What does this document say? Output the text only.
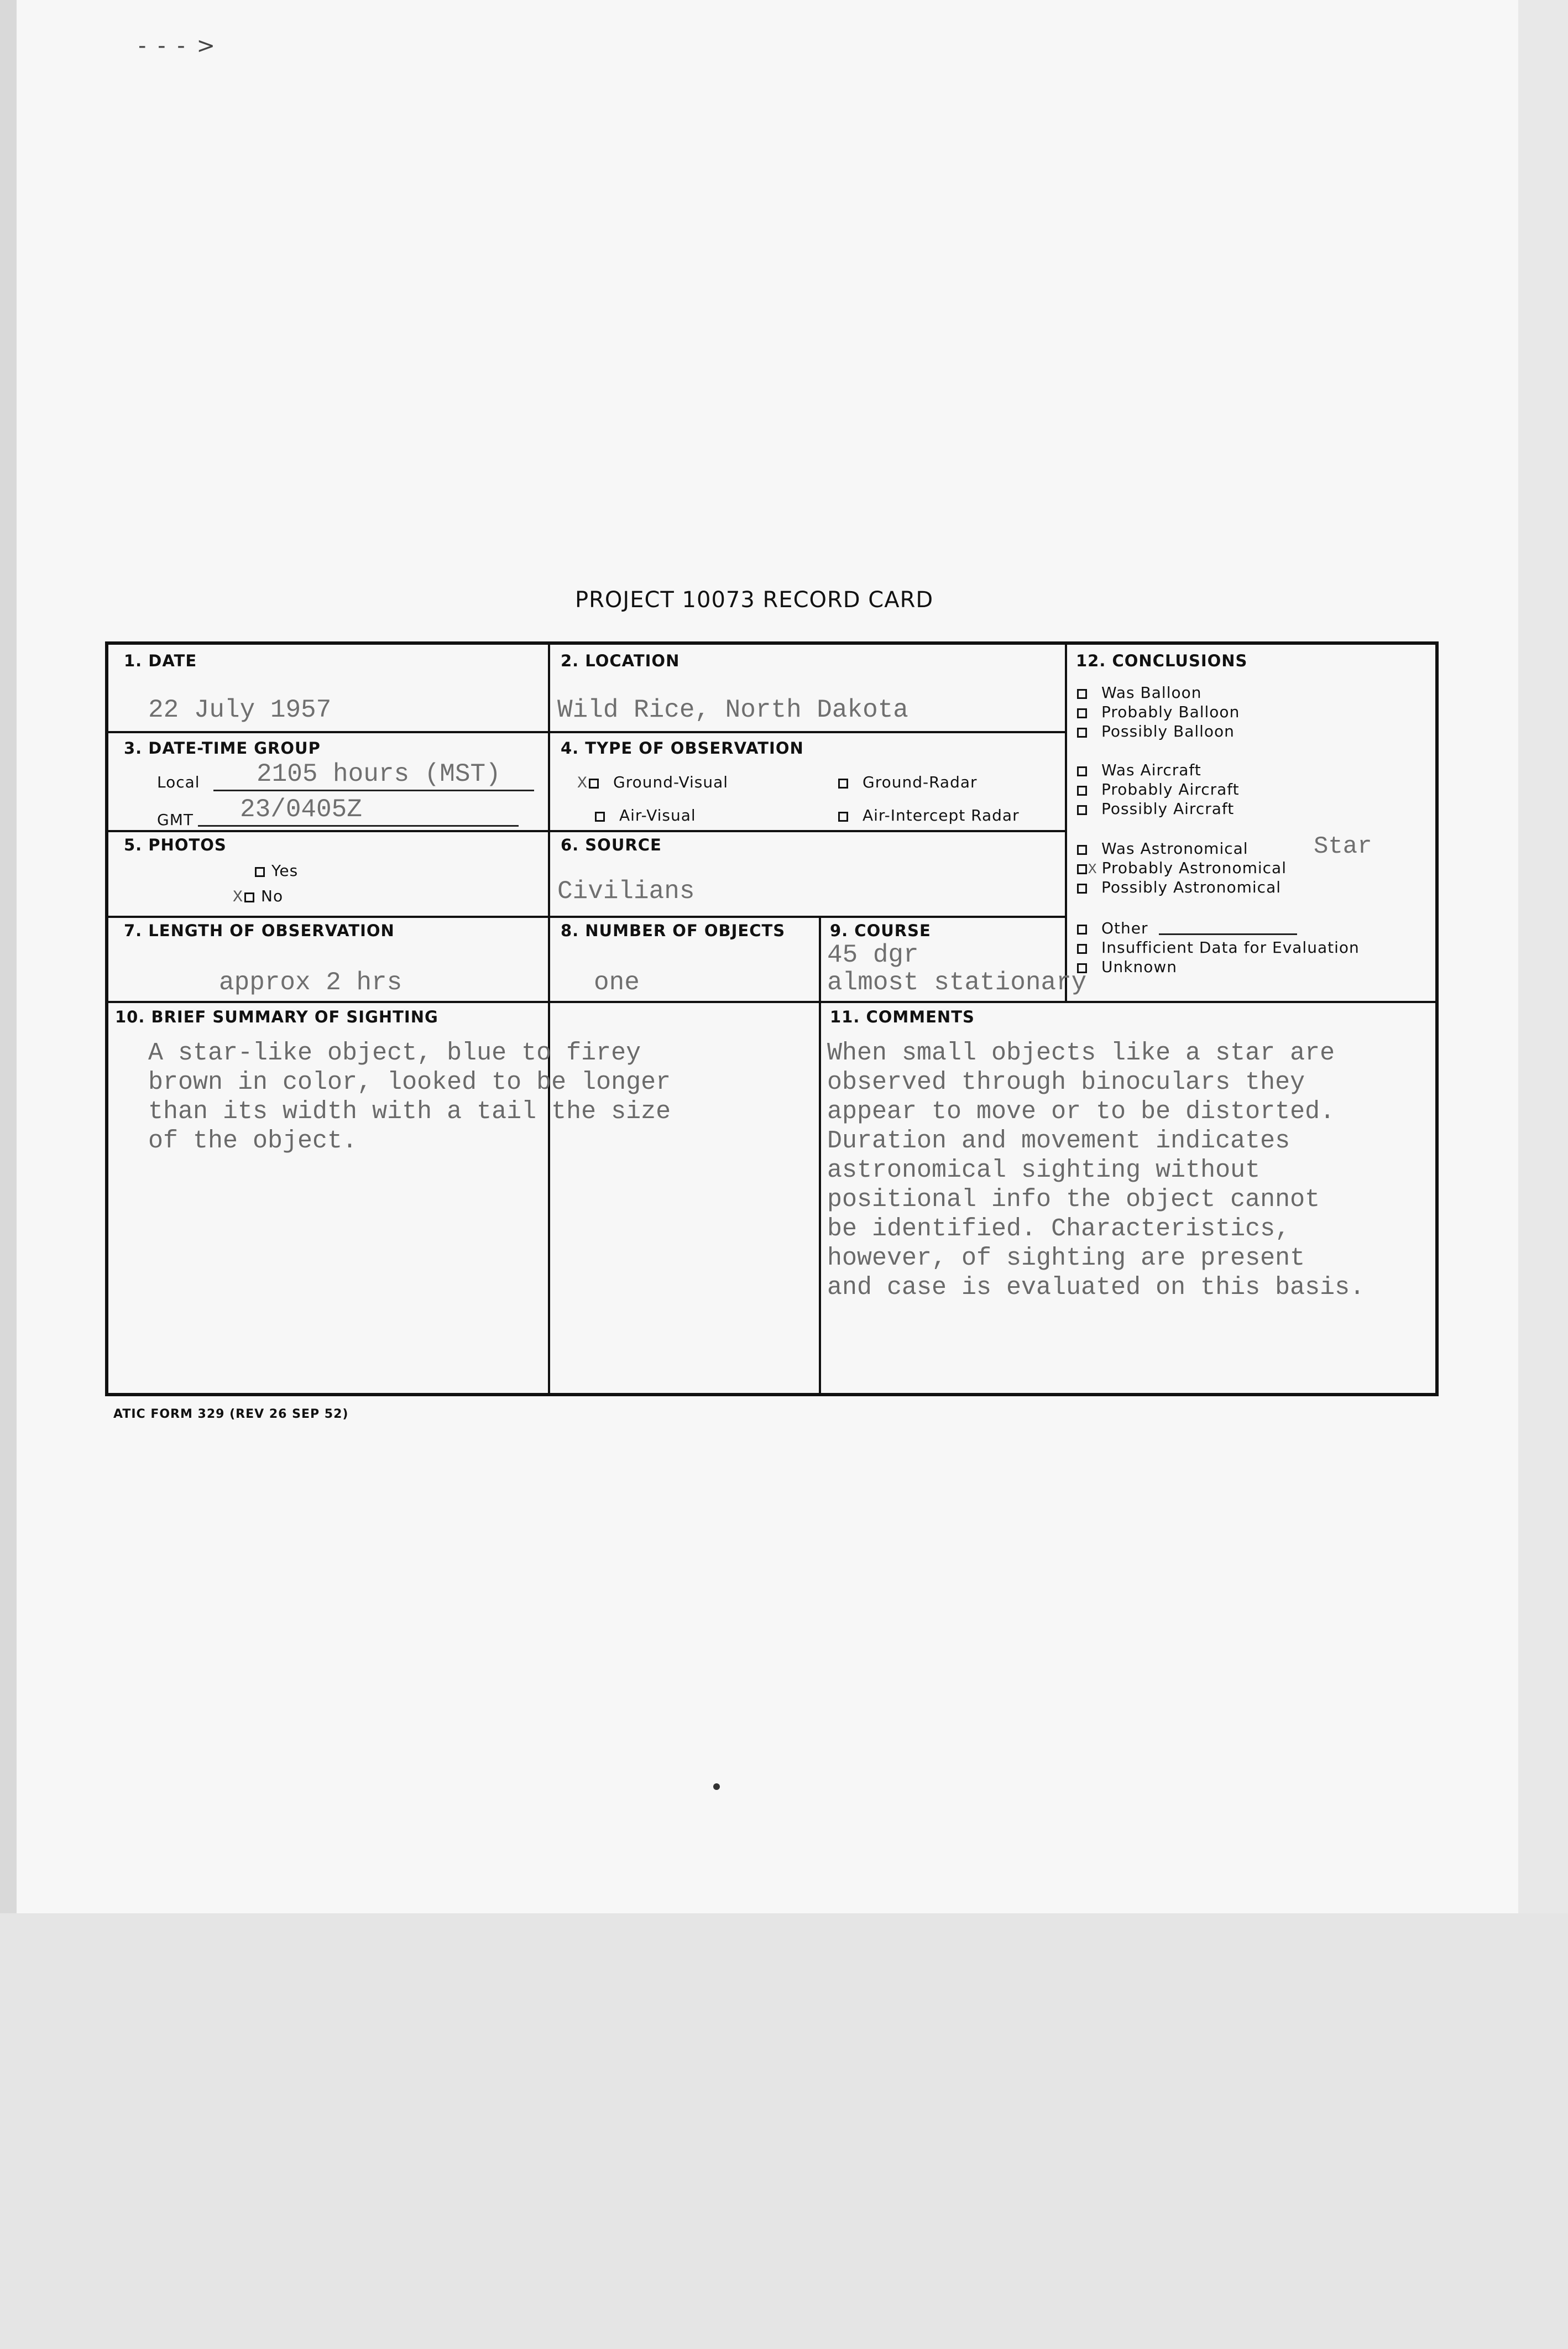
- - - >
PROJECT 10073 RECORD CARD
1. DATE
22 July 1957
2. LOCATION
Wild Rice, North Dakota
3. DATE-TIME GROUP
Local 2105 hours (MST)
GMT 23/0405Z
4. TYPE OF OBSERVATION
X Ground-Visual	Ground-Radar
Air-Visual	Air-Intercept Radar
5. PHOTOS
Yes
X No
6. SOURCE
Civilians
7. LENGTH OF OBSERVATION
approx 2 hrs
8. NUMBER OF OBJECTS
one
9. COURSE
45 dgr
almost stationary
12. CONCLUSIONS
Was Balloon
Probably Balloon
Possibly Balloon
Was Aircraft
Probably Aircraft
Possibly Aircraft
Was Astronomical	Star
X Probably Astronomical
Possibly Astronomical
Other
Insufficient Data for Evaluation
Unknown
10. BRIEF SUMMARY OF SIGHTING
A star-like object, blue to firey
brown in color, looked to be longer
than its width with a tail the size
of the object.
11. COMMENTS
When small objects like a star are
observed through binoculars they
appear to move or to be distorted.
Duration and movement indicates
astronomical sighting without
positional info the object cannot
be identified. Characteristics,
however, of sighting are present
and case is evaluated on this basis.
ATIC FORM 329 (REV 26 SEP 52)
